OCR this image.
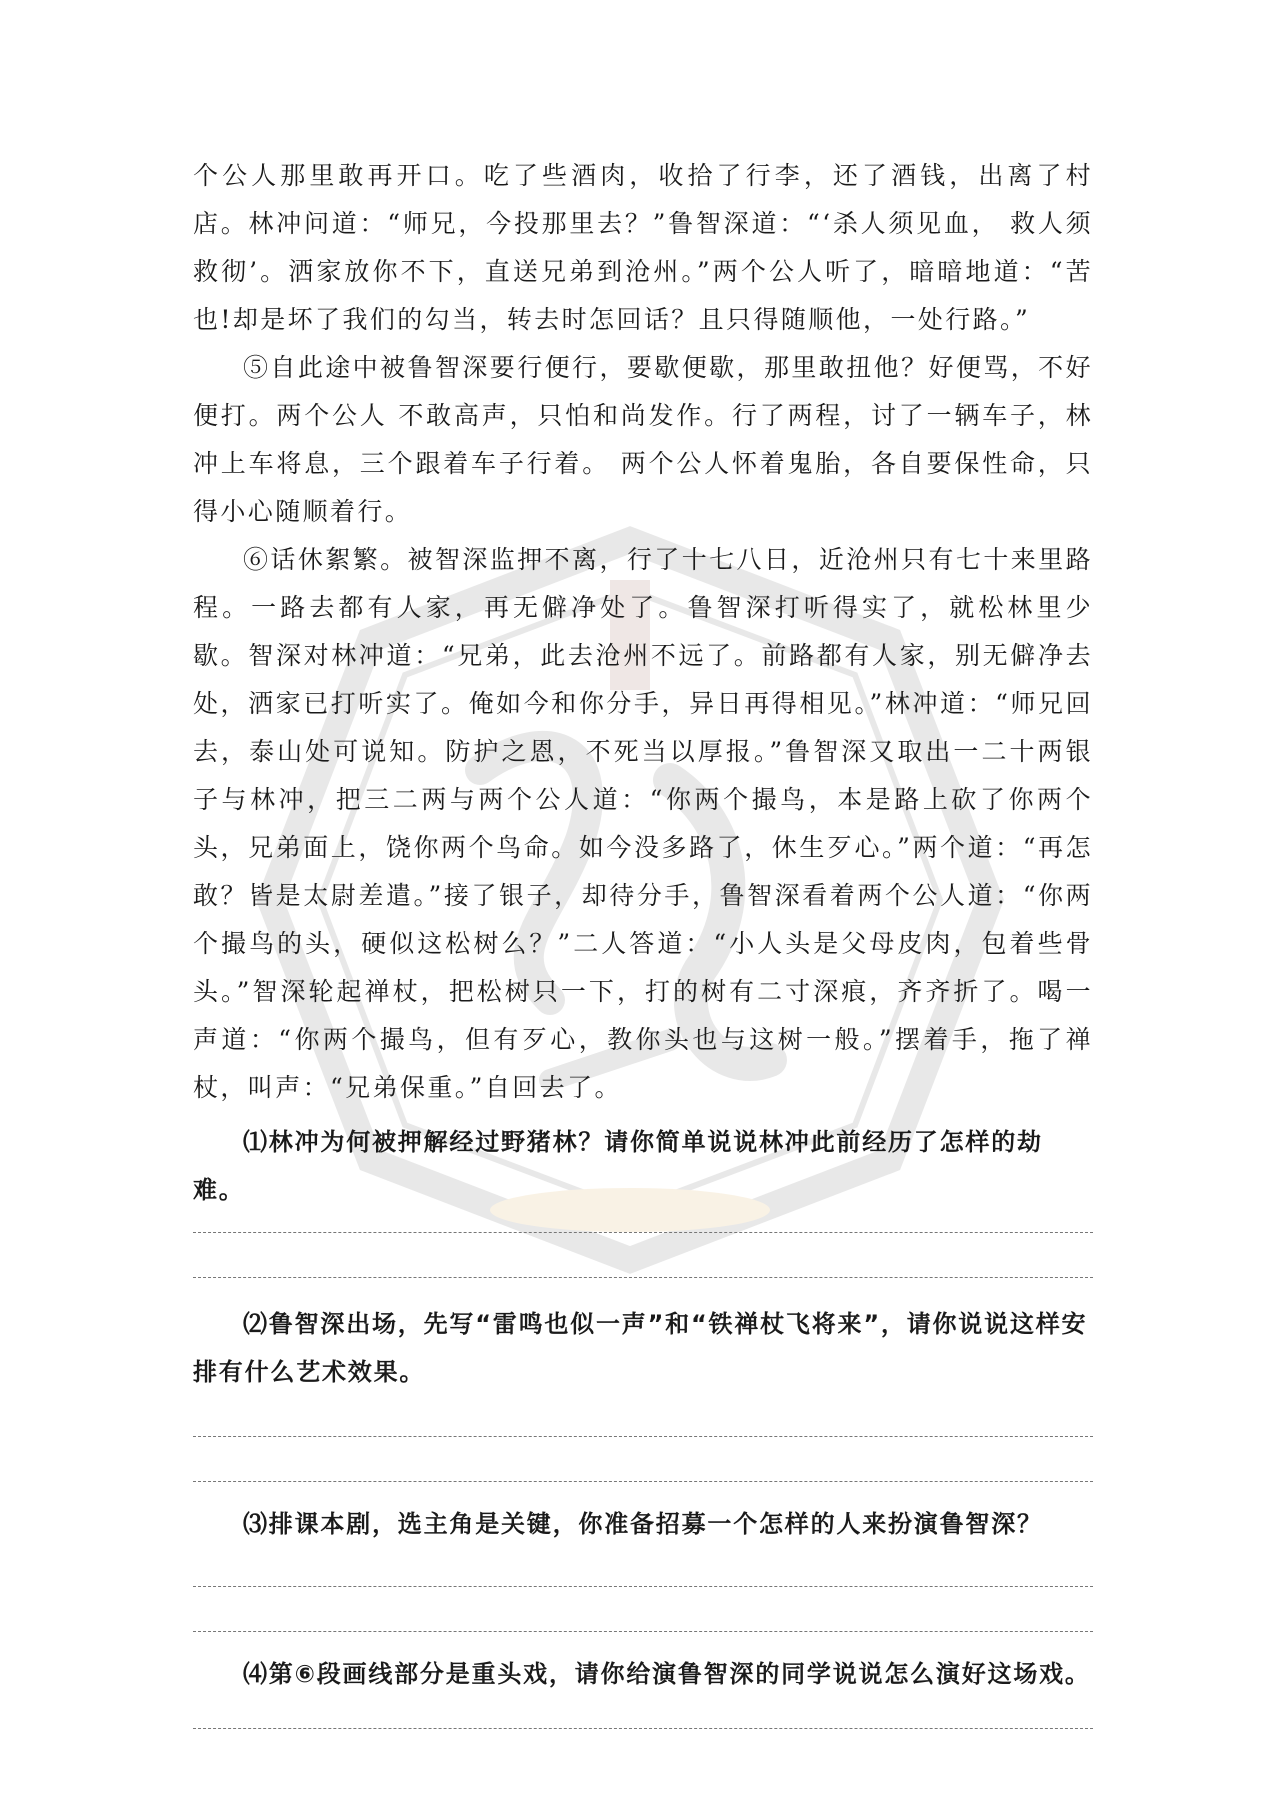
个公人那里敢再开口。吃了些酒肉，收拾了行李，还了酒钱，出离了村店。林冲问道：“师兄，今投那里去？”鲁智深道：“‘杀人须见血， 救人须救彻’。洒家放你不下，直送兄弟到沧州。”两个公人听了，暗暗地道：“苦也!却是坏了我们的勾当，转去时怎回话？且只得随顺他，一处行路。”

⑤自此途中被鲁智深要行便行，要歇便歇，那里敢扭他？好便骂，不好便打。两个公人 不敢高声，只怕和尚发作。行了两程，讨了一辆车子，林冲上车将息，三个跟着车子行着。 两个公人怀着鬼胎，各自要保性命，只得小心随顺着行。

⑥话休絮繁。被智深监押不离，行了十七八日，近沧州只有七十来里路程。一路去都有人家，再无僻净处了。鲁智深打听得实了，就松林里少歇。智深对林冲道：“兄弟，此去沧州不远了。前路都有人家，别无僻净去处，洒家已打听实了。俺如今和你分手，异日再得相见。”林冲道：“师兄回去，泰山处可说知。防护之恩，不死当以厚报。”鲁智深又取出一二十两银子与林冲，把三二两与两个公人道：“你两个撮鸟，本是路上砍了你两个头，兄弟面上，饶你两个鸟命。如今没多路了，休生歹心。”两个道：“再怎敢？皆是太尉差遣。”接了银子，却待分手，鲁智深看着两个公人道：“你两个撮鸟的头，硬似这松树么？”二人答道：“小人头是父母皮肉，包着些骨头。”智深轮起禅杖，把松树只一下，打的树有二寸深痕，齐齐折了。喝一声道：“你两个撮鸟，但有歹心，教你头也与这树一般。”摆着手，拖了禅杖，叫声：“兄弟保重。”自回去了。

⑴林冲为何被押解经过野猪林？请你简单说说林冲此前经历了怎样的劫难。

⑵鲁智深出场，先写“雷鸣也似一声”和“铁禅杖飞将来”，请你说说这样安排有什么艺术效果。

⑶排课本剧，选主角是关键，你准备招募一个怎样的人来扮演鲁智深？

⑷第⑥段画线部分是重头戏，请你给演鲁智深的同学说说怎么演好这场戏。
